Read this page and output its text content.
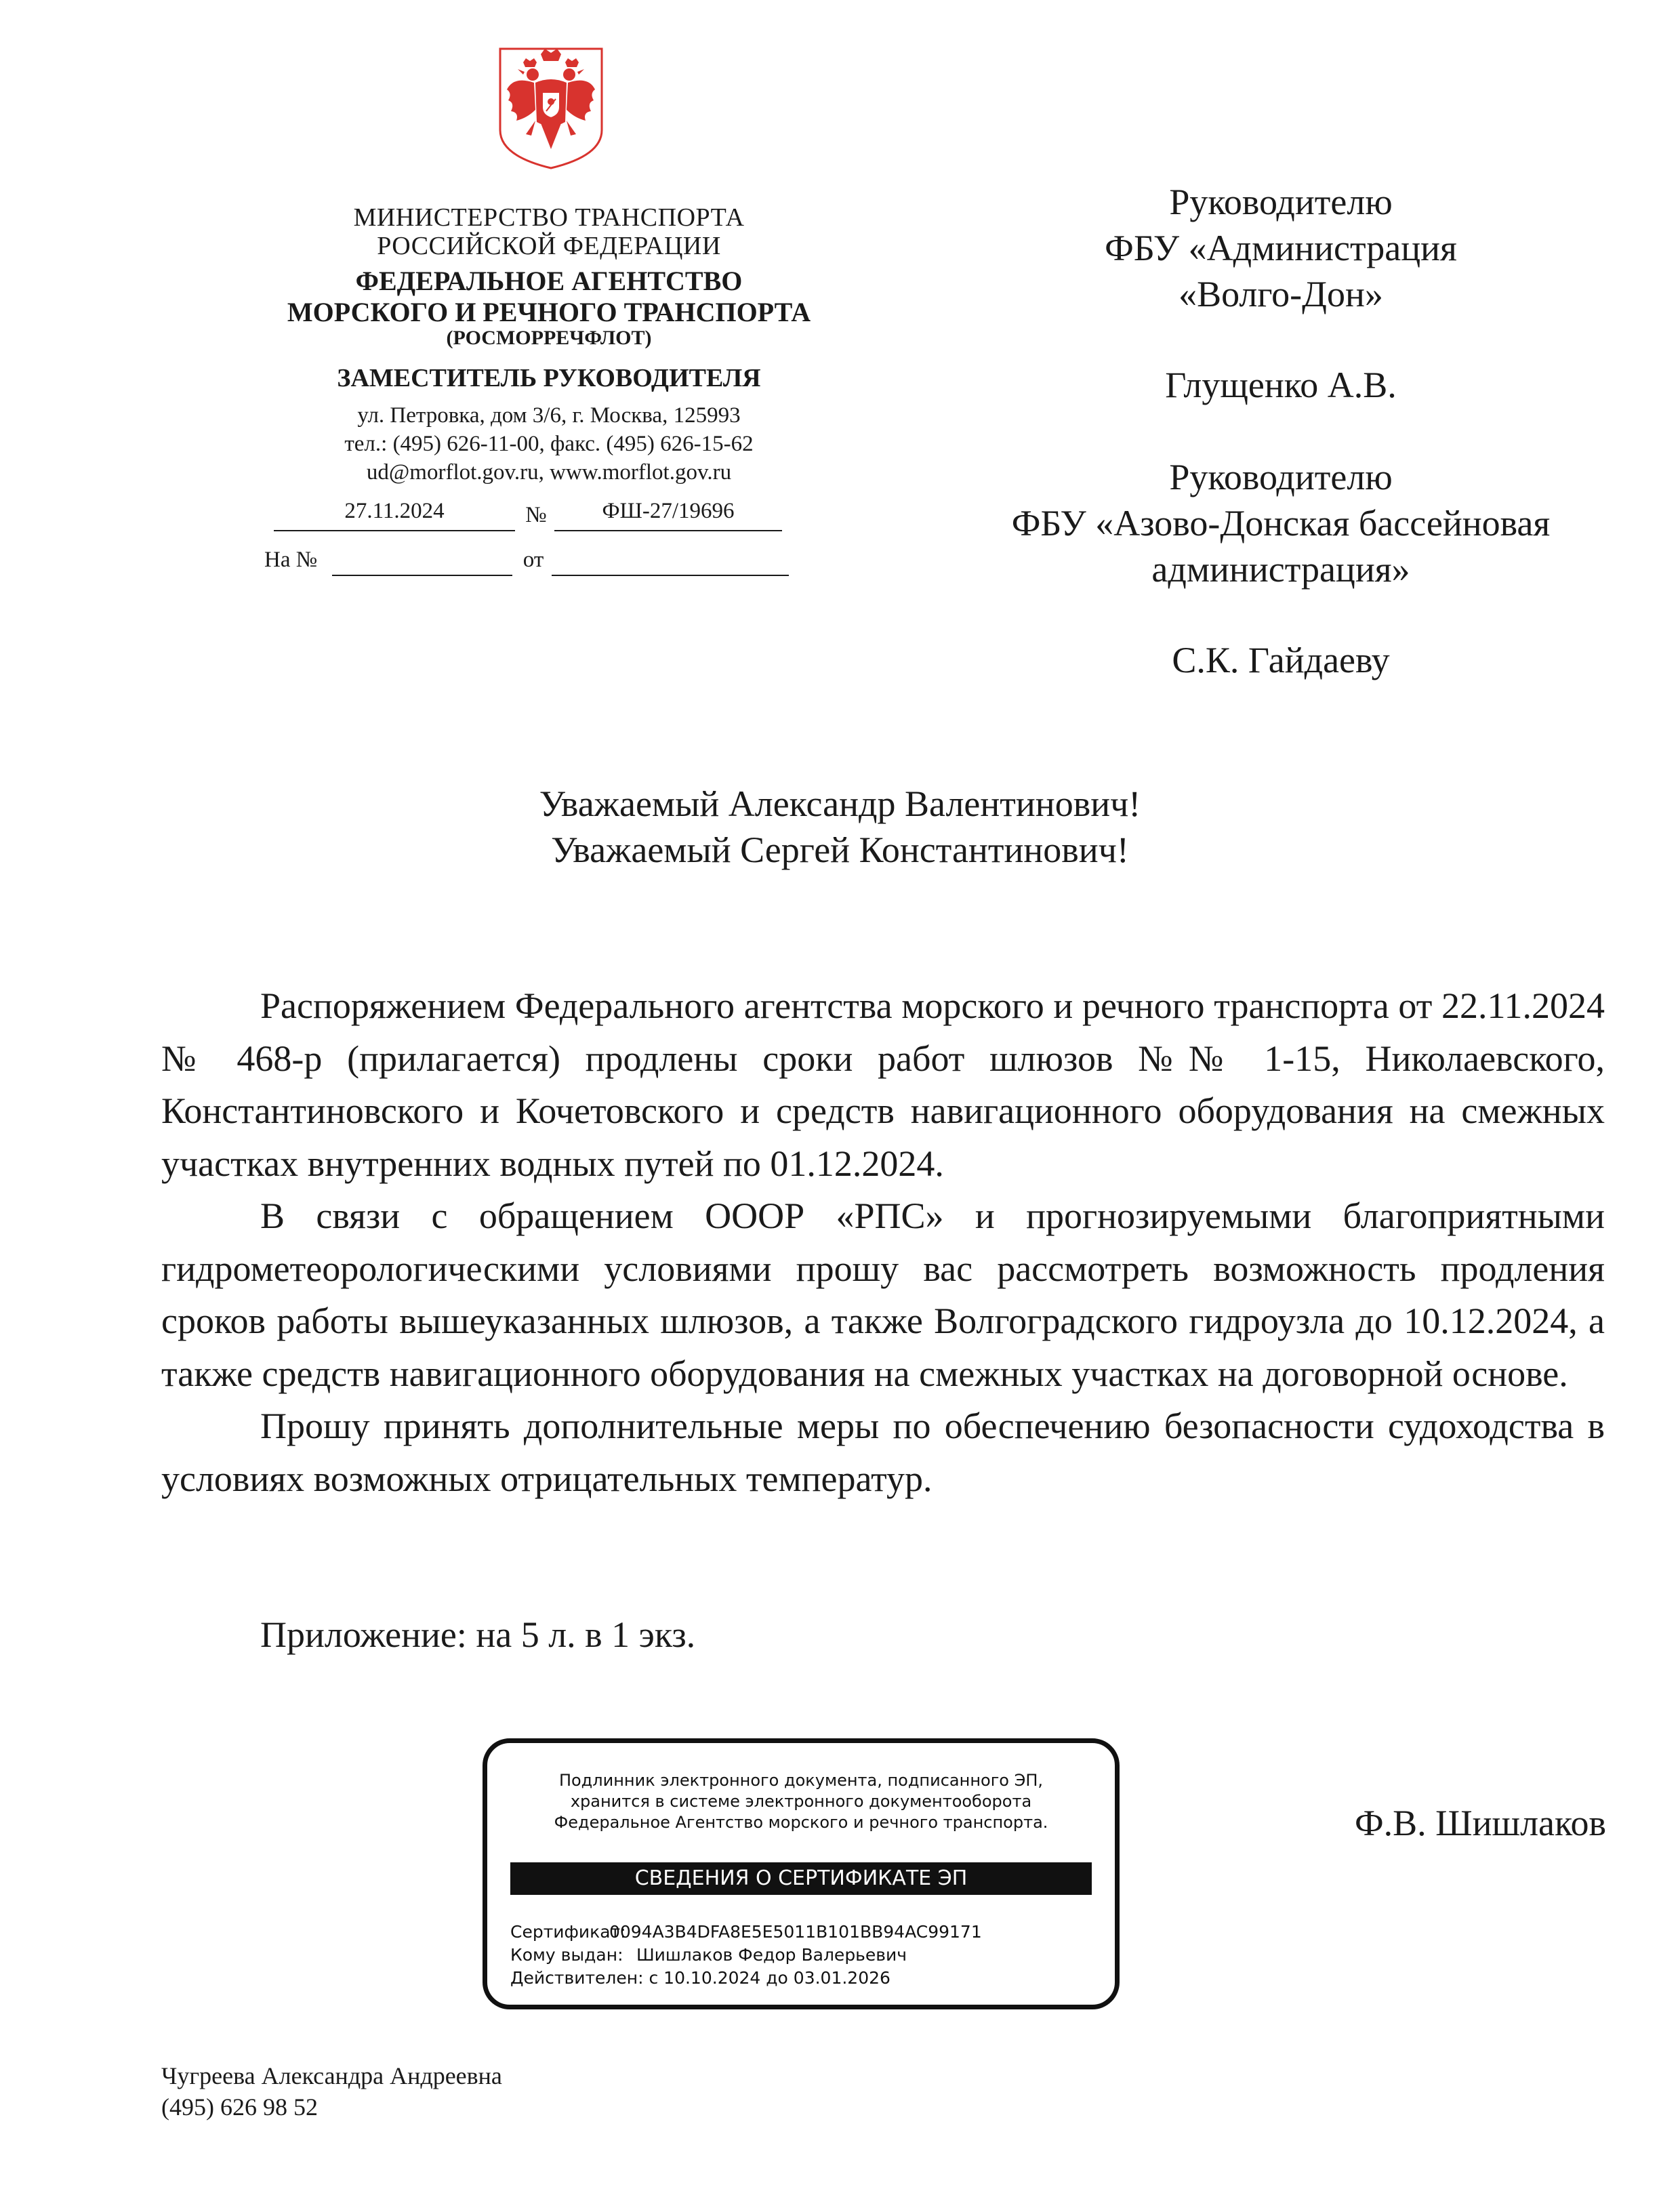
МИНИСТЕРСТВО ТРАНСПОРТА
РОССИЙСКОЙ ФЕДЕРАЦИИ
ФЕДЕРАЛЬНОЕ АГЕНТСТВО
МОРСКОГО И РЕЧНОГО ТРАНСПОРТА
(РОСМОРРЕЧФЛОТ)
ЗАМЕСТИТЕЛЬ РУКОВОДИТЕЛЯ
ул. Петровка, дом 3/6, г. Москва, 125993
тел.: (495) 626-11-00, факс. (495) 626-15-62
ud@morflot.gov.ru, www.morflot.gov.ru
27.11.2024	№	ФШ-27/19696
На №	от
Руководителю
ФБУ «Администрация
«Волго-Дон»
Глущенко А.В.
Руководителю
ФБУ «Азово-Донская бассейновая
администрация»
С.К. Гайдаеву
Уважаемый Александр Валентинович!
Уважаемый Сергей Константинович!

Распоряжением Федерального агентства морского и речного транспорта от 22.11.2024 № 468-р (прилагается) продлены сроки работ шлюзов №№ 1-15, Николаевского, Константиновского и Кочетовского и средств навигационного оборудования на смежных участках внутренних водных путей по 01.12.2024.

В связи с обращением ОООР «РПС» и прогнозируемыми благоприятными гидрометеорологическими условиями прошу вас рассмотреть возможность продления сроков работы вышеуказанных шлюзов, а также Волгоградского гидроузла до 10.12.2024, а также средств навигационного оборудования на смежных участках на договорной основе.

Прошу принять дополнительные меры по обеспечению безопасности судоходства в условиях возможных отрицательных температур.

Приложение: на 5 л. в 1 экз.
Подлинник электронного документа, подписанного ЭП,
хранится в системе электронного документооборота
Федеральное Агентство морского и речного транспорта.
СВЕДЕНИЯ О СЕРТИФИКАТЕ ЭП
Сертификат: 0094A3B4DFA8E5E5011B101BB94AC99171
Кому выдан: Шишлаков Федор Валерьевич
Действителен: с 10.10.2024 до 03.01.2026
Ф.В. Шишлаков
Чугреева Александра Андреевна
(495) 626 98 52
